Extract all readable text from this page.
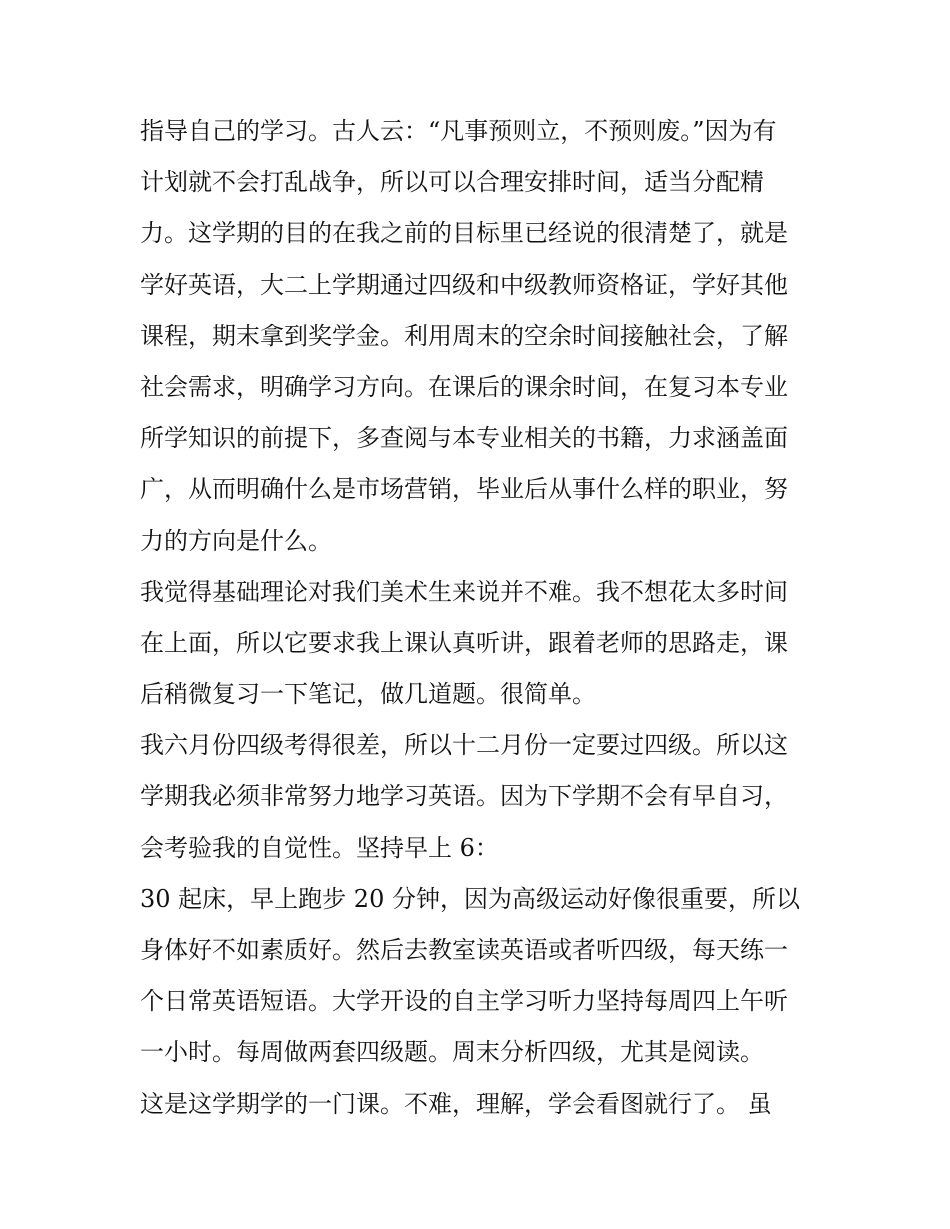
指导自己的学习。古人云：“凡事预则立，不预则废。”因为有
计划就不会打乱战争，所以可以合理安排时间，适当分配精
力。这学期的目的在我之前的目标里已经说的很清楚了，就是
学好英语，大二上学期通过四级和中级教师资格证，学好其他
课程，期末拿到奖学金。利用周末的空余时间接触社会，了解
社会需求，明确学习方向。在课后的课余时间，在复习本专业
所学知识的前提下，多查阅与本专业相关的书籍，力求涵盖面
广，从而明确什么是市场营销，毕业后从事什么样的职业，努
力的方向是什么。
我觉得基础理论对我们美术生来说并不难。我不想花太多时间
在上面，所以它要求我上课认真听讲，跟着老师的思路走，课
后稍微复习一下笔记，做几道题。很简单。
我六月份四级考得很差，所以十二月份一定要过四级。所以这
学期我必须非常努力地学习英语。因为下学期不会有早自习，
会考验我的自觉性。坚持早上 6：
30 起床，早上跑步 20 分钟，因为高级运动好像很重要，所以
身体好不如素质好。然后去教室读英语或者听四级，每天练一
个日常英语短语。大学开设的自主学习听力坚持每周四上午听
一小时。每周做两套四级题。周末分析四级，尤其是阅读。
这是这学期学的一门课。不难，理解，学会看图就行了。 虽
